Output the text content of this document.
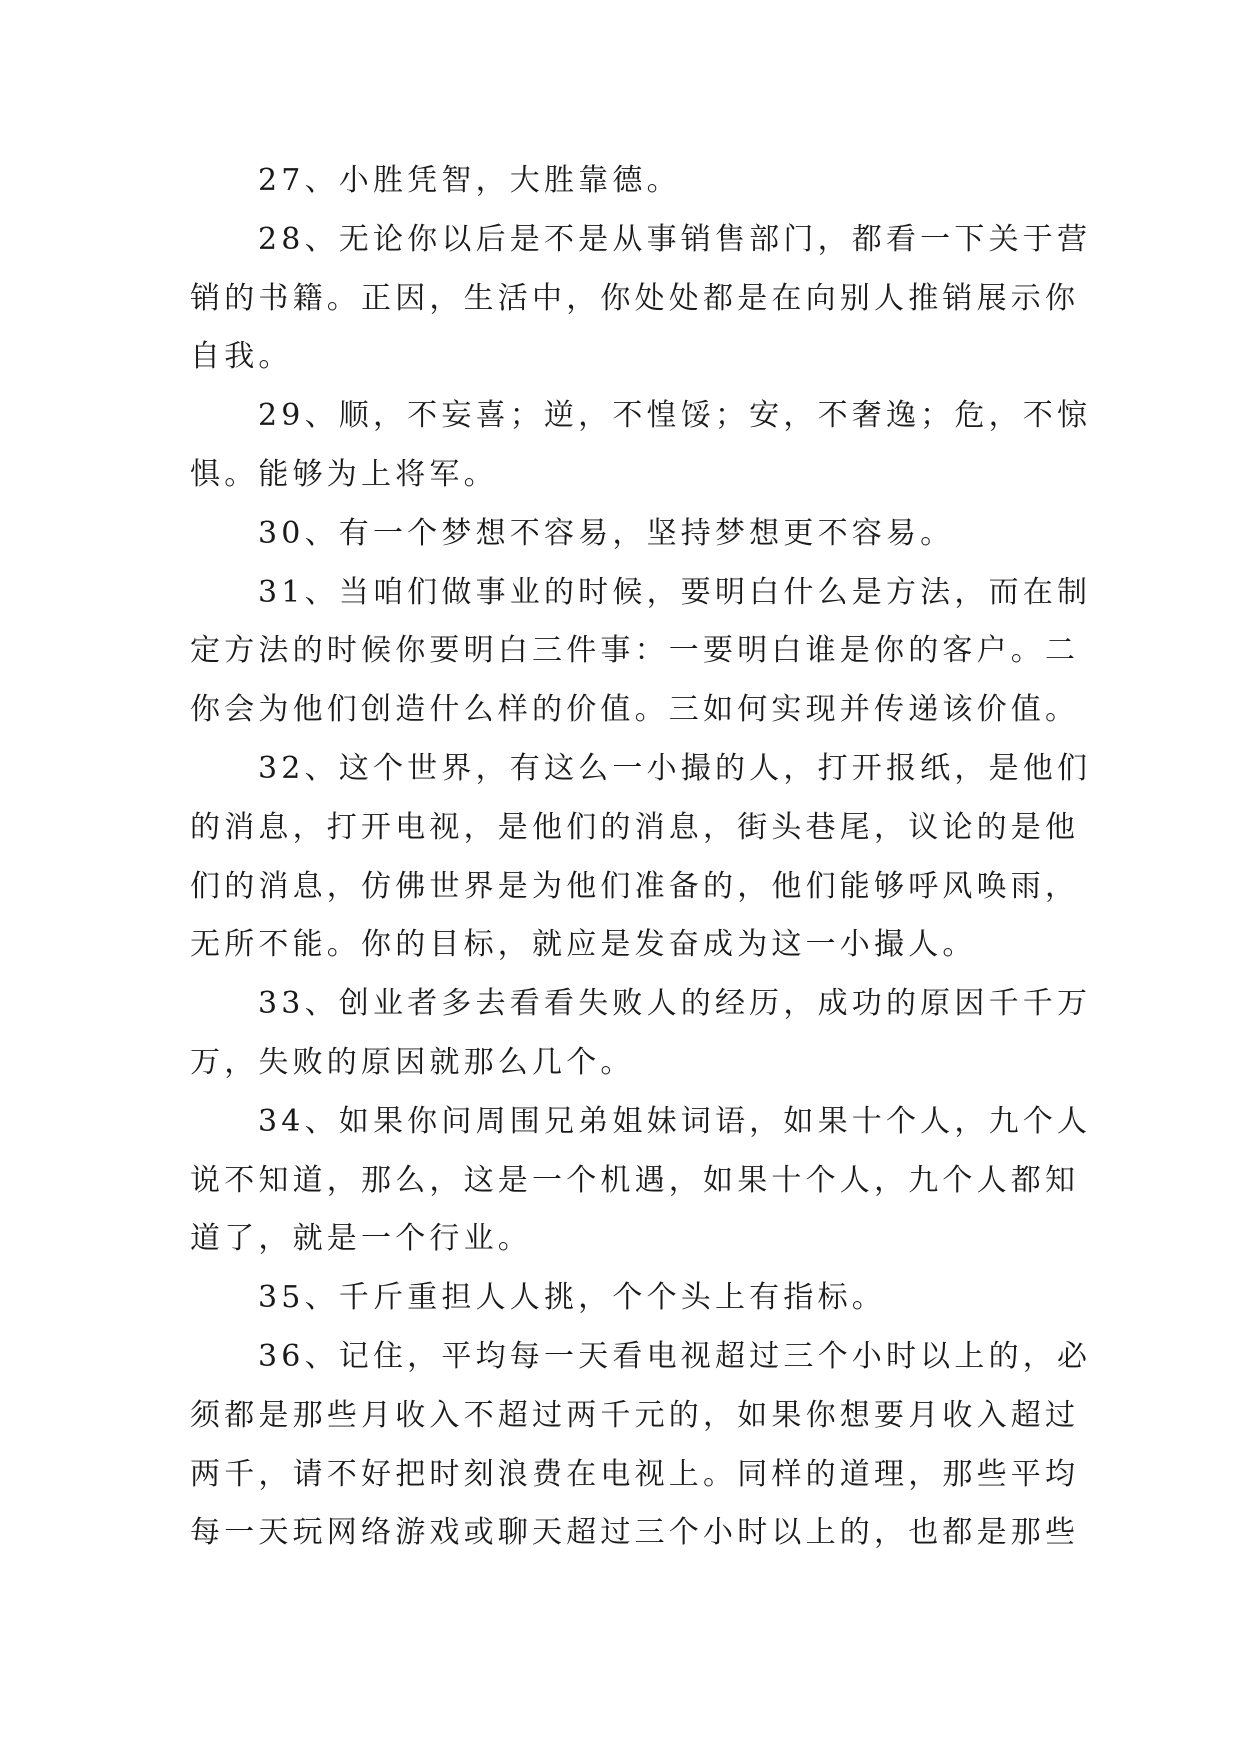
27、小胜凭智，大胜靠德。

28、无论你以后是不是从事销售部门，都看一下关于营
销的书籍。正因，生活中，你处处都是在向别人推销展示你
自我。

29、顺，不妄喜；逆，不惶馁；安，不奢逸；危，不惊
惧。能够为上将军。

30、有一个梦想不容易，坚持梦想更不容易。

31、当咱们做事业的时候，要明白什么是方法，而在制
定方法的时候你要明白三件事：一要明白谁是你的客户。二
你会为他们创造什么样的价值。三如何实现并传递该价值。

32、这个世界，有这么一小撮的人，打开报纸，是他们
的消息，打开电视，是他们的消息，街头巷尾，议论的是他
们的消息，仿佛世界是为他们准备的，他们能够呼风唤雨，
无所不能。你的目标，就应是发奋成为这一小撮人。

33、创业者多去看看失败人的经历，成功的原因千千万
万，失败的原因就那么几个。

34、如果你问周围兄弟姐妹词语，如果十个人，九个人
说不知道，那么，这是一个机遇，如果十个人，九个人都知
道了，就是一个行业。

35、千斤重担人人挑，个个头上有指标。

36、记住，平均每一天看电视超过三个小时以上的，必
须都是那些月收入不超过两千元的，如果你想要月收入超过
两千，请不好把时刻浪费在电视上。同样的道理，那些平均
每一天玩网络游戏或聊天超过三个小时以上的，也都是那些
